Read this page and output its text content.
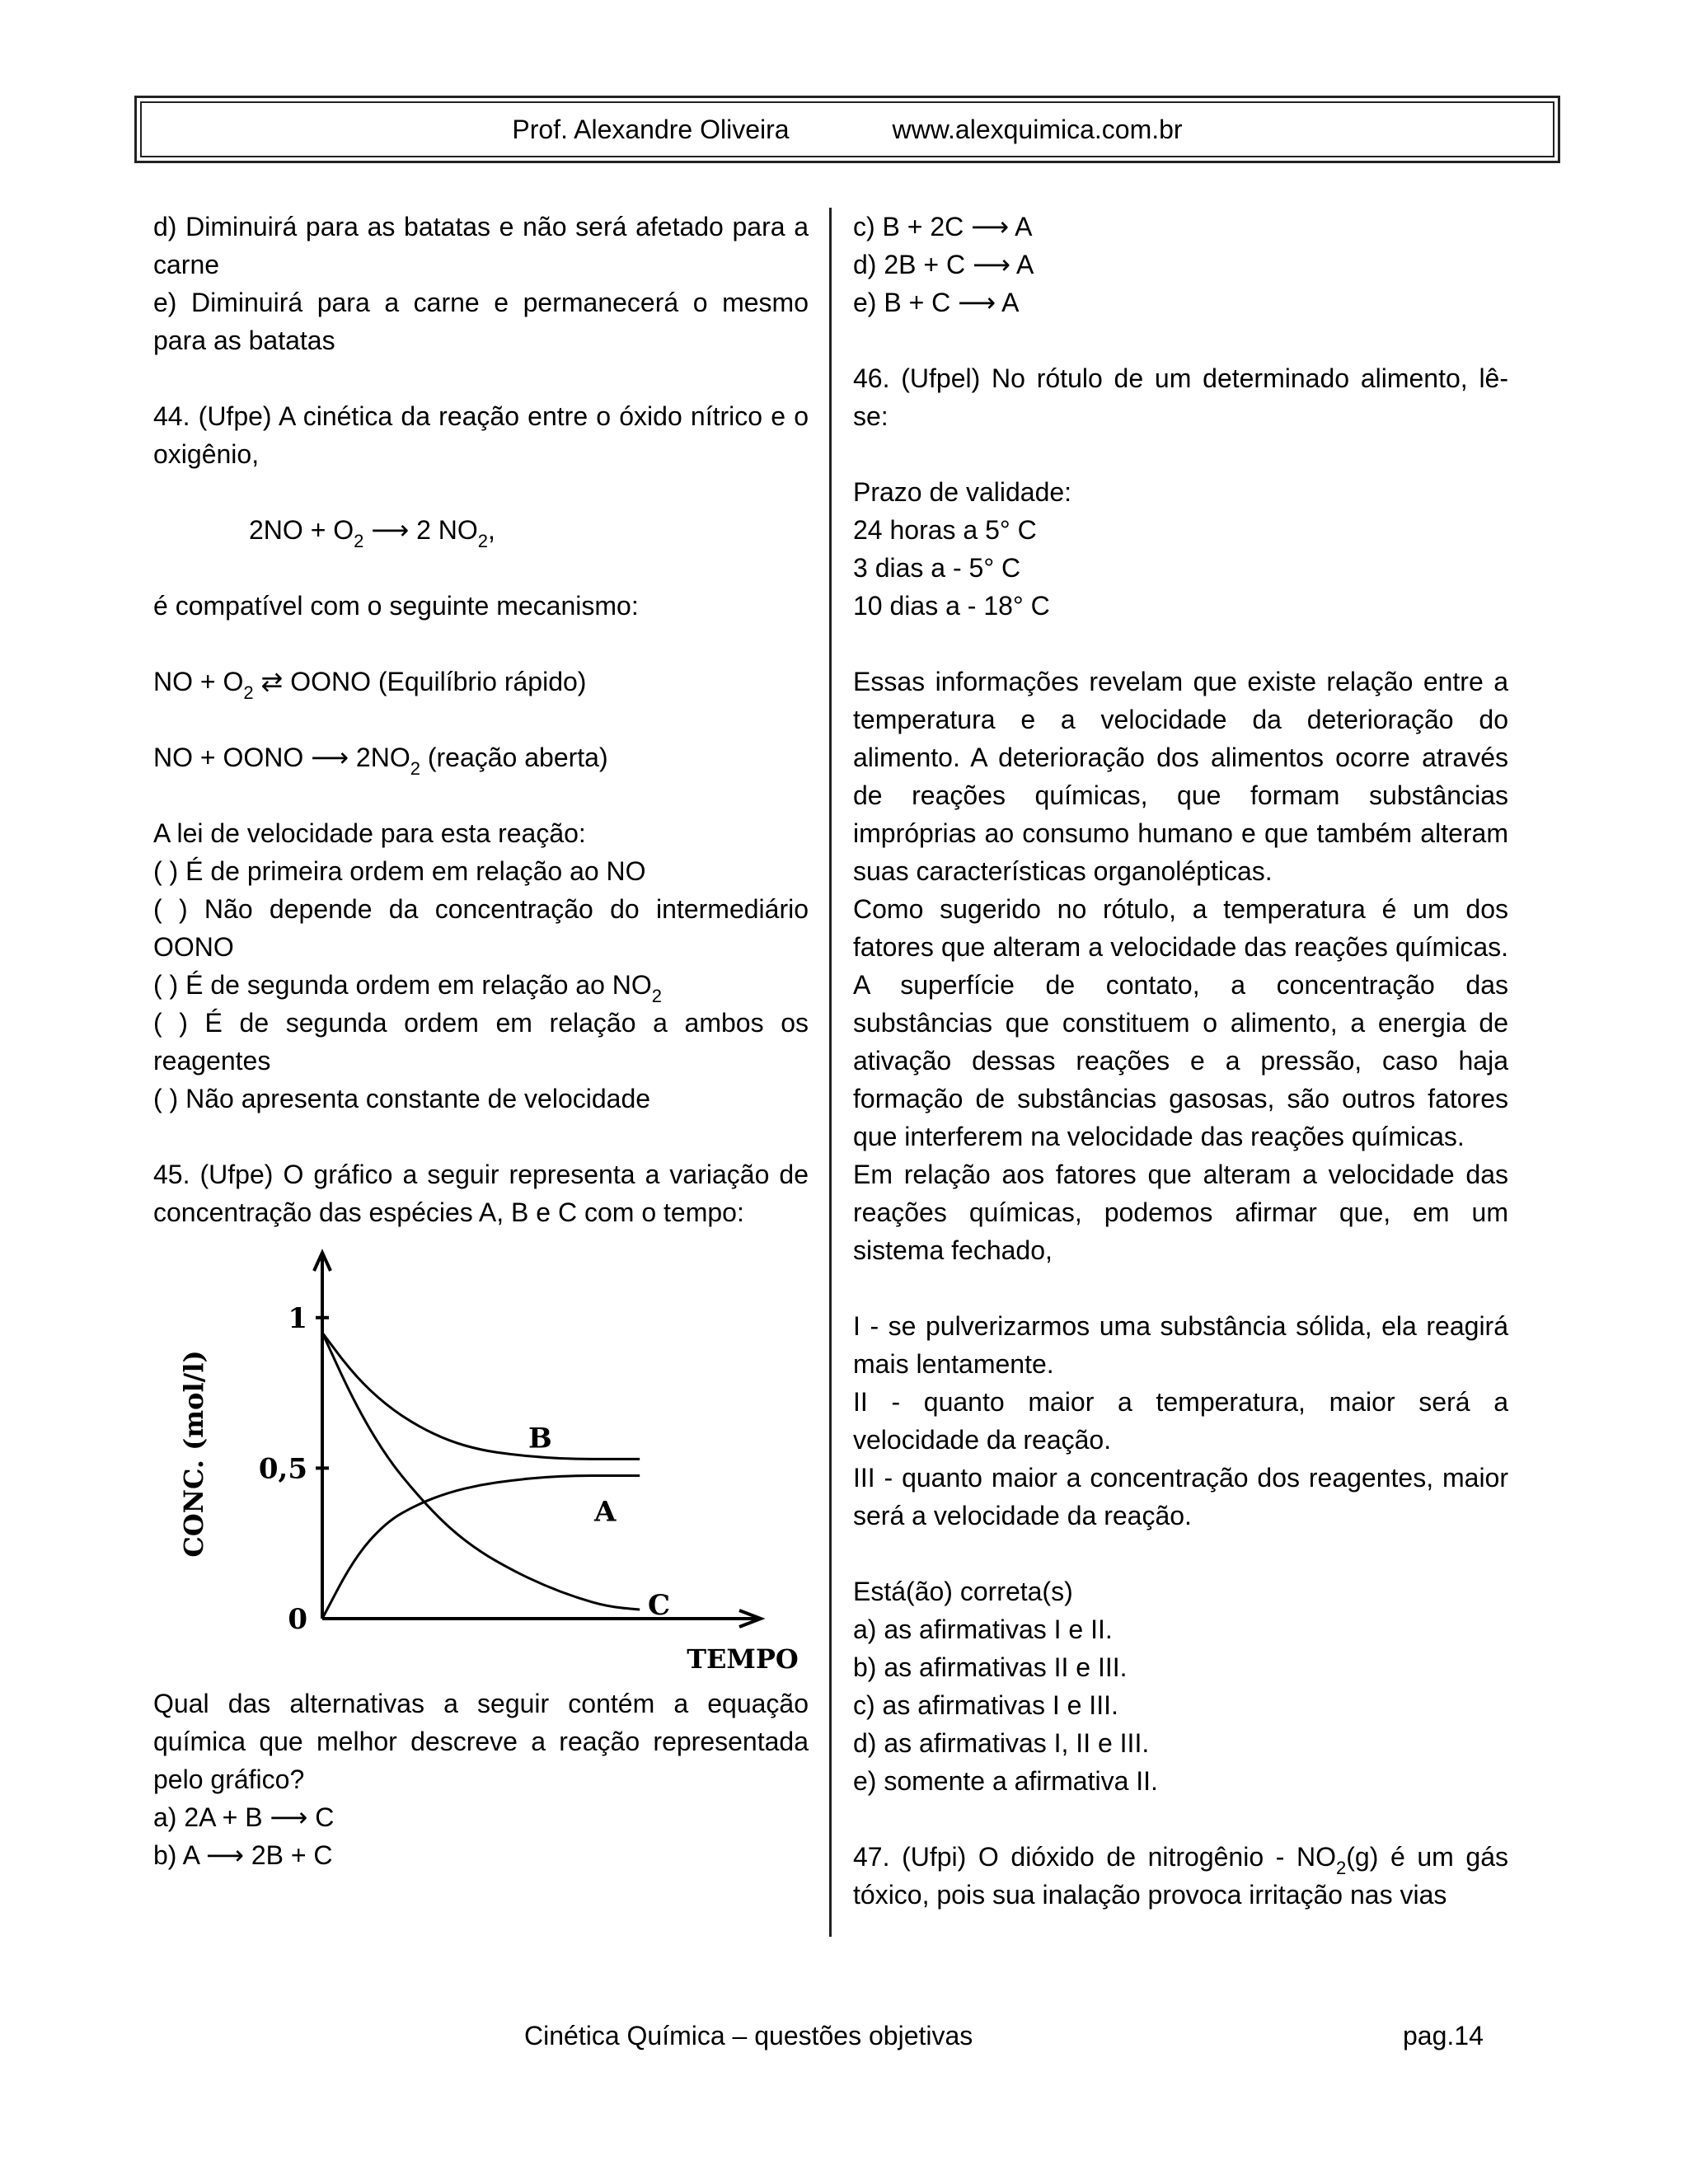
Prof. Alexandre Oliveira	www.alexquimica.com.br

d) Diminuirá para as batatas e não será afetado para a carne

e) Diminuirá para a carne e permanecerá o mesmo para as batatas

44. (Ufpe) A cinética da reação entre o óxido nítrico e o oxigênio,

$2NO + O_2$ ⟶ 2 $NO_2$,

é compatível com o seguinte mecanismo:

NO + $O_2$ ⇄ OONO (Equilíbrio rápido)

NO + OONO ⟶ $2NO_2$ (reação aberta)

A lei de velocidade para esta reação:

( ) É de primeira ordem em relação ao NO

( ) Não depende da concentração do intermediário OONO

( ) É de segunda ordem em relação ao $NO_2$

( ) É de segunda ordem em relação a ambos os reagentes

( ) Não apresenta constante de velocidade

45. (Ufpe) O gráfico a seguir representa a variação de concentração das espécies A, B e C com o tempo:

0
0,5
1
B
A
C
TEMPO
CONC. (mol/l)

Qual das alternativas a seguir contém a equação química que melhor descreve a reação representada pelo gráfico?

a) 2A + B ⟶ C

b) A ⟶ 2B + C

c) B + 2C ⟶ A

d) 2B + C ⟶ A

e) B + C ⟶ A

46. (Ufpel) No rótulo de um determinado alimento, lê-se:

Prazo de validade:

24 horas a 5° C

3 dias a - 5° C

10 dias a - 18° C

Essas informações revelam que existe relação entre a temperatura e a velocidade da deterioração do alimento. A deterioração dos alimentos ocorre através de reações químicas, que formam substâncias impróprias ao consumo humano e que também alteram suas características organolépticas.

Como sugerido no rótulo, a temperatura é um dos fatores que alteram a velocidade das reações químicas. A superfície de contato, a concentração das substâncias que constituem o alimento, a energia de ativação dessas reações e a pressão, caso haja formação de substâncias gasosas, são outros fatores que interferem na velocidade das reações químicas.

Em relação aos fatores que alteram a velocidade das reações químicas, podemos afirmar que, em um sistema fechado,

I - se pulverizarmos uma substância sólida, ela reagirá mais lentamente.

II - quanto maior a temperatura, maior será a velocidade da reação.

III - quanto maior a concentração dos reagentes, maior será a velocidade da reação.

Está(ão) correta(s)

a) as afirmativas I e II.

b) as afirmativas II e III.

c) as afirmativas I e III.

d) as afirmativas I, II e III.

e) somente a afirmativa II.

47. (Ufpi) O dióxido de nitrogênio - $NO_2(g)$ é um gás tóxico, pois sua inalação provoca irritação nas vias

Cinética Química – questões objetivas	pag.14
